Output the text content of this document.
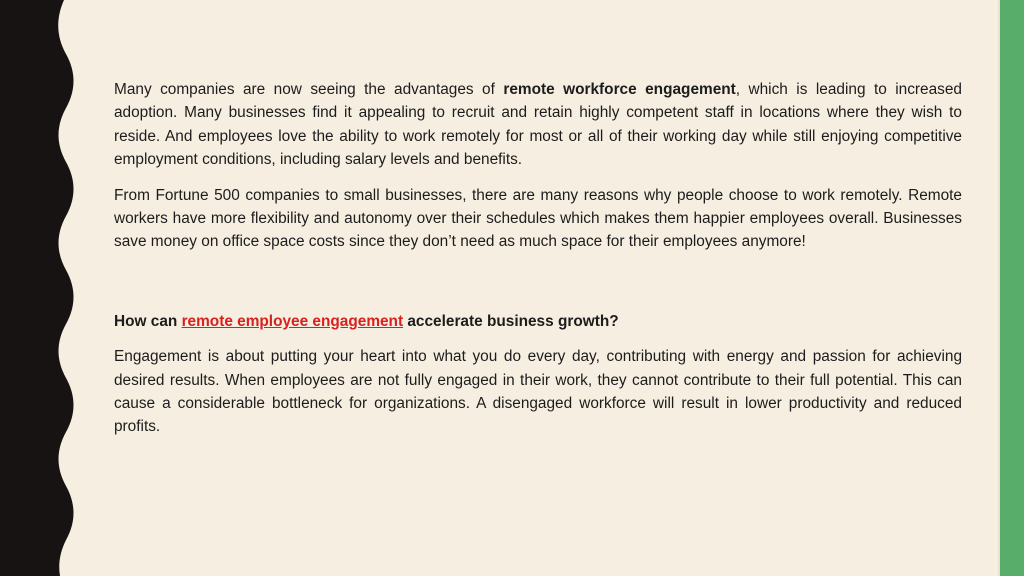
Many companies are now seeing the advantages of remote workforce engagement, which is leading to increased adoption. Many businesses find it appealing to recruit and retain highly competent staff in locations where they wish to reside. And employees love the ability to work remotely for most or all of their working day while still enjoying competitive employment conditions, including salary levels and benefits.

From Fortune 500 companies to small businesses, there are many reasons why people choose to work remotely. Remote workers have more flexibility and autonomy over their schedules which makes them happier employees overall. Businesses save money on office space costs since they don’t need as much space for their employees anymore!

How can remote employee engagement accelerate business growth?

Engagement is about putting your heart into what you do every day, contributing with energy and passion for achieving desired results. When employees are not fully engaged in their work, they cannot contribute to their full potential. This can cause a considerable bottleneck for organizations. A disengaged workforce will result in lower productivity and reduced profits.
